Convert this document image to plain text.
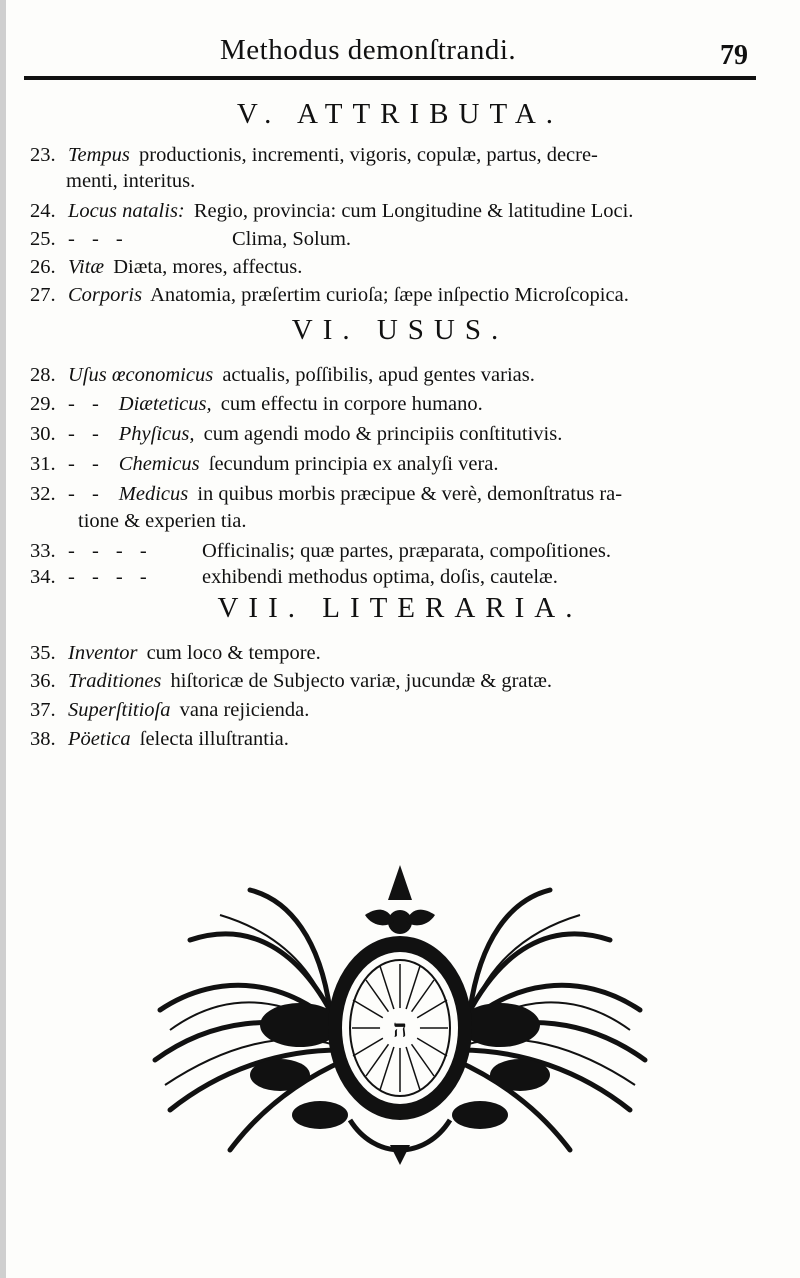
Methodus demonſtrandi.	79
V. ATTRIBUTA.
23. Tempus productionis, incrementi, vigoris, copulæ, partus, decre-
menti, interitus.
24. Locus natalis: Regio, provincia: cum Longitudine & latitudine Loci.
25. - - -	Clima, Solum.
26. Vitæ Diæta, mores, affectus.
27. Corporis Anatomia, præſertim curioſa; ſæpe inſpectio Microſcopica.
VI. USUS.
28. Uſus œconomicus actualis, poſſibilis, apud gentes varias.
29. - - Diæteticus, cum effectu in corpore humano.
30. - - Phyſicus, cum agendi modo & principiis conſtitutivis.
31. - - Chemicus ſecundum principia ex analyſi vera.
32. - - Medicus in quibus morbis præcipue & verè, demonſtratus ra-
tione & experien tia.
33. - - - - Officinalis; quæ partes, præparata, compoſitiones.
34. - - - - exhibendi methodus optima, doſis, cautelæ.
VII. LITERARIA.
35. Inventor cum loco & tempore.
36. Traditiones hiſtoricæ de Subjecto variæ, jucundæ & gratæ.
37. Superſtitioſa vana rejicienda.
38. Pöetica ſelecta illuſtrantia.
ה
